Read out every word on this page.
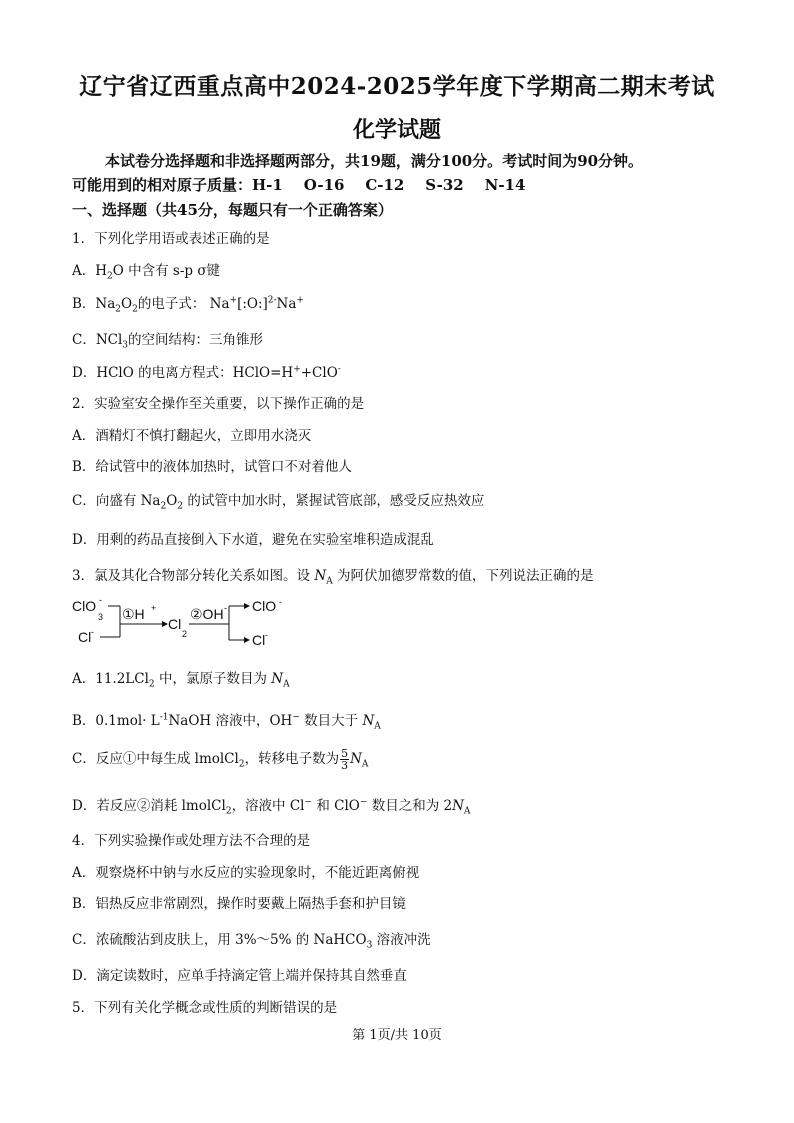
辽宁省辽西重点高中2024-2025学年度下学期高二期末考试
化学试题
本试卷分选择题和非选择题两部分，共19题，满分100分。考试时间为90分钟。
可能用到的相对原子质量：H-1    O-16    C-12    S-32    N-14
一、选择题（共45分，每题只有一个正确答案）
1．下列化学用语或表述正确的是
A．$H_2O$ 中含有 s-p σ键
B．$Na_2O_2$的电子式： Na+[:O:]$^{2-}$Na+
C．NCl$_3$的空间结构：三角锥形
D．HClO 的电离方程式：HClO=H++ClO-
2．实验室安全操作至关重要，以下操作正确的是
A．酒精灯不慎打翻起火，立即用水浇灭
B．给试管中的液体加热时，试管口不对着他人
C．向盛有 $Na_2O_2$ 的试管中加水时，紧握试管底部，感受反应热效应
D．用剩的药品直接倒入下水道，避免在实验室堆积造成混乱
3．氯及其化合物部分转化关系如图。设 $N_A$ 为阿伏加德罗常数的值，下列说法正确的是
ClO -
3
Cl -
①H +
Cl
2
②OH - ClO -
Cl -
A．11.2LCl$_2$ 中，氯原子数目为 $N_A$
B．$0.1mol\cdot L^{-1}NaOH$ 溶液中，OH− 数目大于 $N_A$
C．反应①中每生成 lmolCl$_2$，转移电子数为 $\frac{5}{3} N_A$
D．若反应②消耗 lmolCl$_2$，溶液中 Cl− 和 ClO− 数目之和为 $2N_A$
4．下列实验操作或处理方法不合理的是
A．观察烧杯中钠与水反应的实验现象时，不能近距离俯视
B．铝热反应非常剧烈，操作时要戴上隔热手套和护目镜
C．浓硫酸沾到皮肤上，用 3%～5% 的 NaHCO$_3$ 溶液冲洗
D．滴定读数时，应单手持滴定管上端并保持其自然垂直
5．下列有关化学概念或性质的判断错误的是
第 1页/共 10页
